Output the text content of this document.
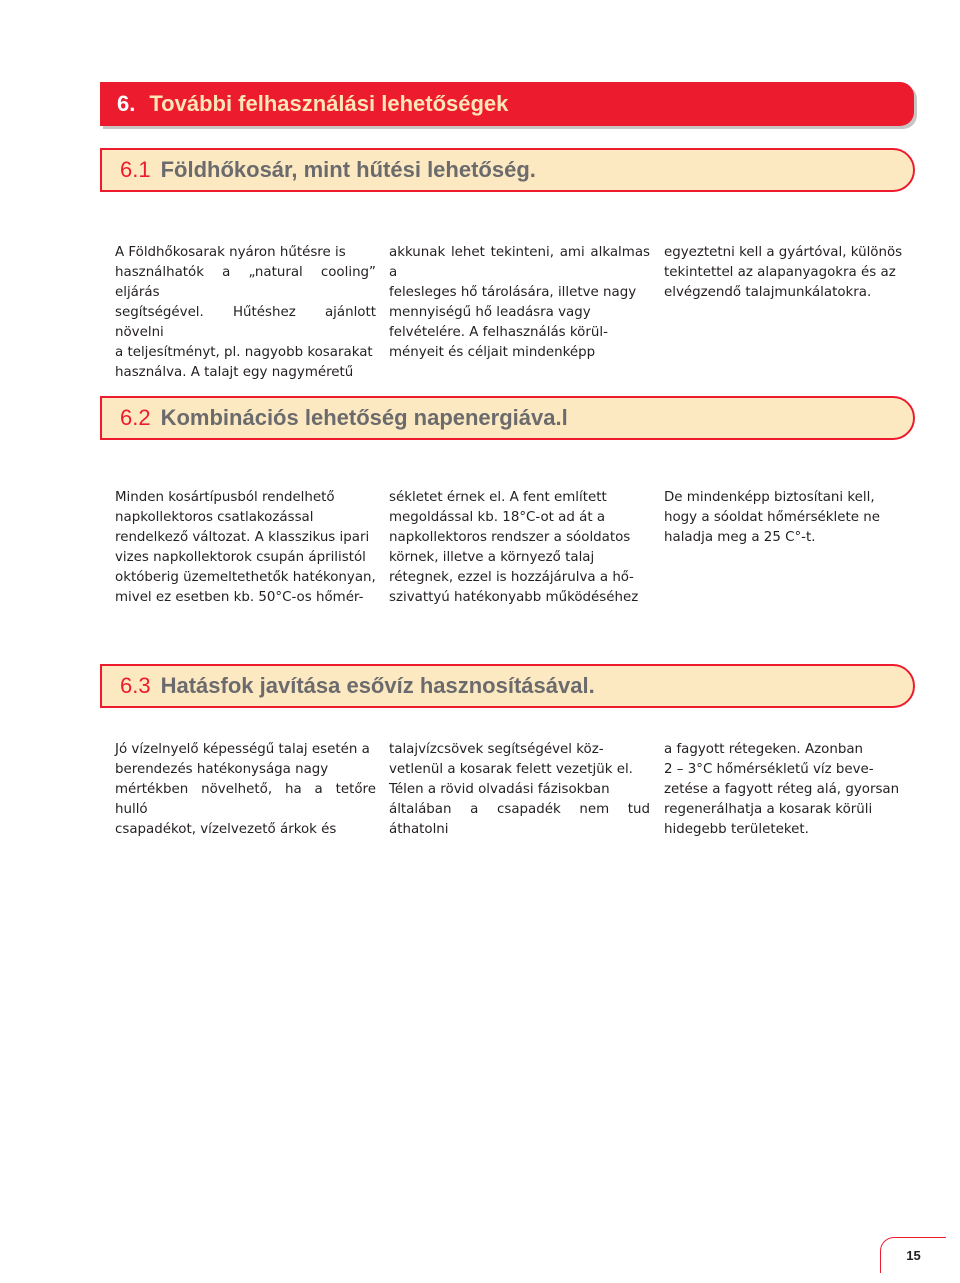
6. További felhasználási lehetőségek
6.1 Földhőkosár, mint hűtési lehetőség.
A Földhőkosarak nyáron hűtésre is
használhatók a „natural cooling” eljárás
segítségével. Hűtéshez ajánlott növelni
a teljesítményt, pl. nagyobb kosarakat
használva. A talajt egy nagyméretű
akkunak lehet tekinteni, ami alkalmas a
felesleges hő tárolására, illetve nagy
mennyiségű hő leadásra vagy
felvételére. A felhasználás körül-
ményeit és céljait mindenképp
egyeztetni kell a gyártóval, különös
tekintettel az alapanyagokra és az
elvégzendő talajmunkálatokra.
6.2 Kombinációs lehetőség napenergiáva.l
Minden kosártípusból rendelhető
napkollektoros csatlakozással
rendelkező változat. A klasszikus ipari
vizes napkollektorok csupán áprilistól
októberig üzemeltethetők hatékonyan,
mivel ez esetben kb. 50°C-os hőmér-
sékletet érnek el. A fent említett
megoldással kb. 18°C-ot ad át a
napkollektoros rendszer a sóoldatos
körnek, illetve a környező talaj
rétegnek, ezzel is hozzájárulva a hő-
szivattyú hatékonyabb működéséhez
De mindenképp biztosítani kell,
hogy a sóoldat hőmérséklete ne
haladja meg a 25 C°-t.
6.3 Hatásfok javítása esővíz hasznosításával.
Jó vízelnyelő képességű talaj esetén a
berendezés hatékonysága nagy
mértékben növelhető, ha a tetőre hulló
csapadékot, vízelvezető árkok és
talajvízcsövek segítségével köz-
vetlenül a kosarak felett vezetjük el.
Télen a rövid olvadási fázisokban
általában a csapadék nem tud áthatolni
a fagyott rétegeken. Azonban
2 – 3°C hőmérsékletű víz beve-
zetése a fagyott réteg alá, gyorsan
regenerálhatja a kosarak körüli
hidegebb területeket.
15
